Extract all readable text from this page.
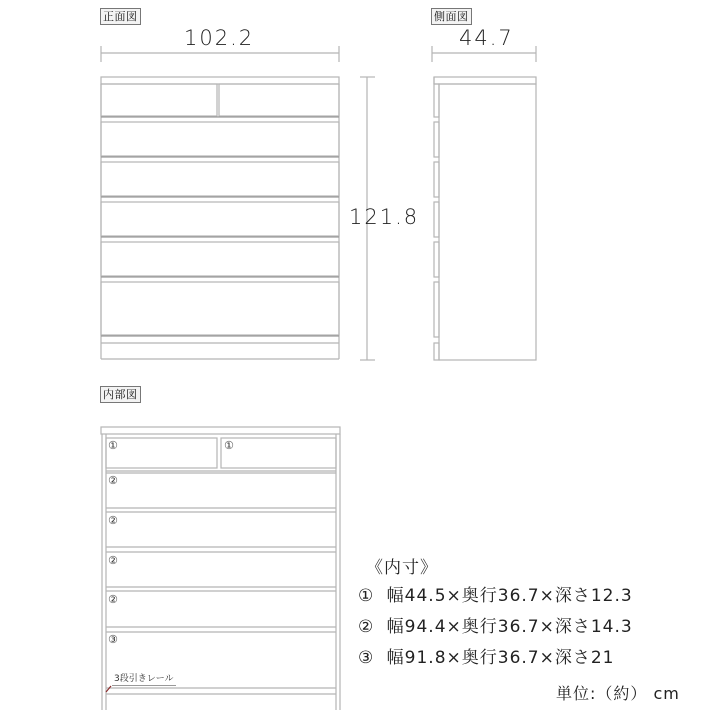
正面図
102.2
121.8
側面図
44.7
内部図
①	①
②
②
②
②
③
3段引きレール
《内寸》
① 幅44.5×奥行36.7×深さ12.3
② 幅94.4×奥行36.7×深さ14.3
③ 幅91.8×奥行36.7×深さ21
単位:（約） cm
